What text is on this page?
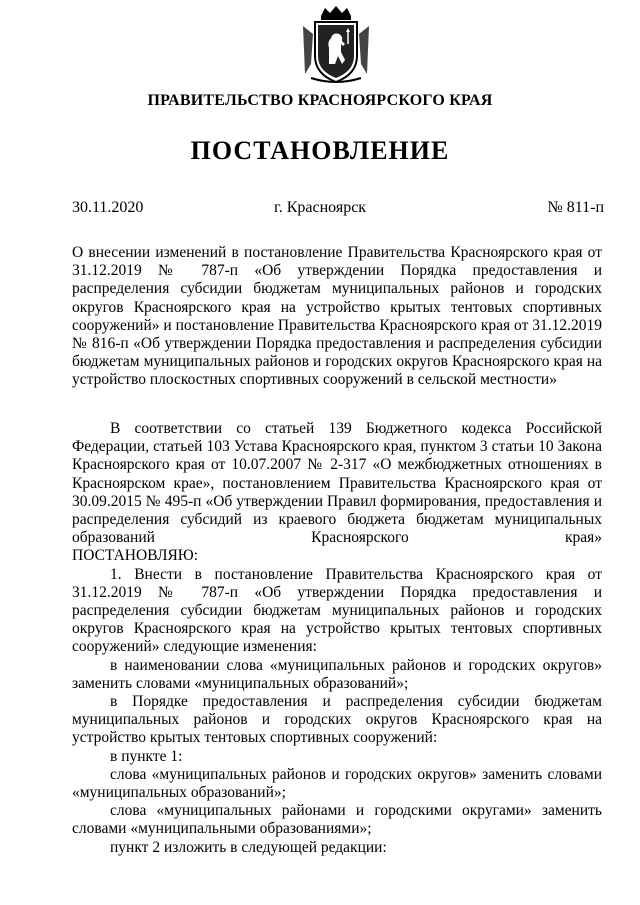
ПРАВИТЕЛЬСТВО КРАСНОЯРСКОГО КРАЯ
ПОСТАНОВЛЕНИЕ
30.11.2020	г. Красноярск	№ 811-п
О внесении изменений в постановление Правительства Красноярского края от 31.12.2019 № 787-п «Об утверждении Порядка предоставления и распределения субсидии бюджетам муниципальных районов и городских округов Красноярского края на устройство крытых тентовых спортивных сооружений» и постановление Правительства Красноярского края от 31.12.2019 № 816-п «Об утверждении Порядка предоставления и распределения субсидии бюджетам муниципальных районов и городских округов Красноярского края на устройство плоскостных спортивных сооружений в сельской местности»

В соответствии со статьей 139 Бюджетного кодекса Российской Федерации, статьей 103 Устава Красноярского края, пунктом 3 статьи 10 Закона Красноярского края от 10.07.2007 № 2-317 «О межбюджетных отношениях в Красноярском крае», постановлением Правительства Красноярского края от 30.09.2015 № 495-п «Об утверждении Правил формирования, предоставления и распределения субсидий из краевого бюджета бюджетам муниципальных образований Красноярского края»

ПОСТАНОВЛЯЮ:

1. Внести в постановление Правительства Красноярского края от 31.12.2019 № 787-п «Об утверждении Порядка предоставления и распределения субсидии бюджетам муниципальных районов и городских округов Красноярского края на устройство крытых тентовых спортивных сооружений» следующие изменения:

в наименовании слова «муниципальных районов и городских округов» заменить словами «муниципальных образований»;

в Порядке предоставления и распределения субсидии бюджетам муниципальных районов и городских округов Красноярского края на устройство крытых тентовых спортивных сооружений:

в пункте 1:

слова «муниципальных районов и городских округов» заменить словами «муниципальных образований»;

слова «муниципальных районами и городскими округами» заменить словами «муниципальными образованиями»;

пункт 2 изложить в следующей редакции:
